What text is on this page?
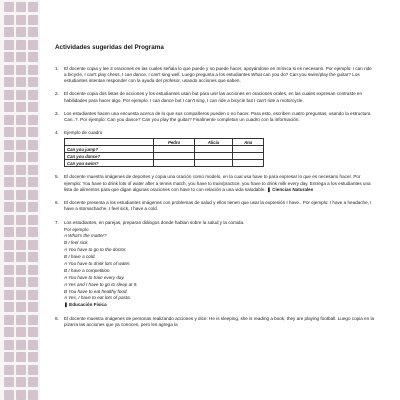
Actividades sugeridas del Programa
1. El docente copia y lee 2 oraciones en las cuales señala lo que puede y no puede hacer, apoyándose en mímica si es necesario. Por ejemplo: I can ride a bicycle, I can't play chess, I can dance, I can't sing well. Luego pregunta a los estudiantes What can you do? Can you swim/play the guitar? Los estudiantes intentan responder con la ayuda del profesor, usando acciones que saben.
2. El docente copia dos listas de acciones y los estudiantes usan but para unir las acciones en oraciones orales, en las cuales expresan contraste en habilidades para hacer algo. Por ejemplo: I can dance but I can't sing, I can ride a bicycle but I can't ride a motorcycle.
3. Los estudiantes hacen una encuesta acerca de lo que sus compañeros pueden o no hacer. Para esto, escriben cuatro preguntas, usando la estructura Can..?. Por ejemplo: Can you dance? Can you play the guitar? Finalmente completan un cuadro con la información.
4. Ejemplo de cuadro
	Pedro	Alicia	Ana
Can you jump?			
Can you dance?			
Can you swim?			
5. El docente muestra imágenes de deportes y copia una oración como modelo, en la cual usa have to para expresar lo que es necesario hacer. Por ejemplo: You have to drink lots of water after a tennis match, you have to train/practice, you have to drink milk every day. Entrega a los estudiantes una lista de alimentos para que digan algunas oraciones con have to con relación a una vida saludable. ❚ Ciencias Naturales
6. El docente presenta a los estudiantes imágenes con problemas de salud y ellos tienen que usar la expresión I have.. Por ejemplo: I have a headache, I have a stomachache, I feel sick, I have a cold.
7. Los estudiantes, en parejas, preparan diálogos donde hablan sobre la salud y la comida.
Por ejemplo
A What's the matter?
B I feel sick.
A You have to go to the doctor.
B I have a cold.
A You have to drink lots of water.
B I have a competition.
A You have to train every day.
A Yes and I have to go to sleep at 9.
B You have to eat healthy food.
A Yes, I have to eat lots of pasta.
❚ Educación Física
8. El docente muestra imágenes de personas realizando acciones y dice: He is sleeping, she is reading a book, they are playing football. Luego copia en la pizarra las acciones que ya conocen, pero les agrega la
